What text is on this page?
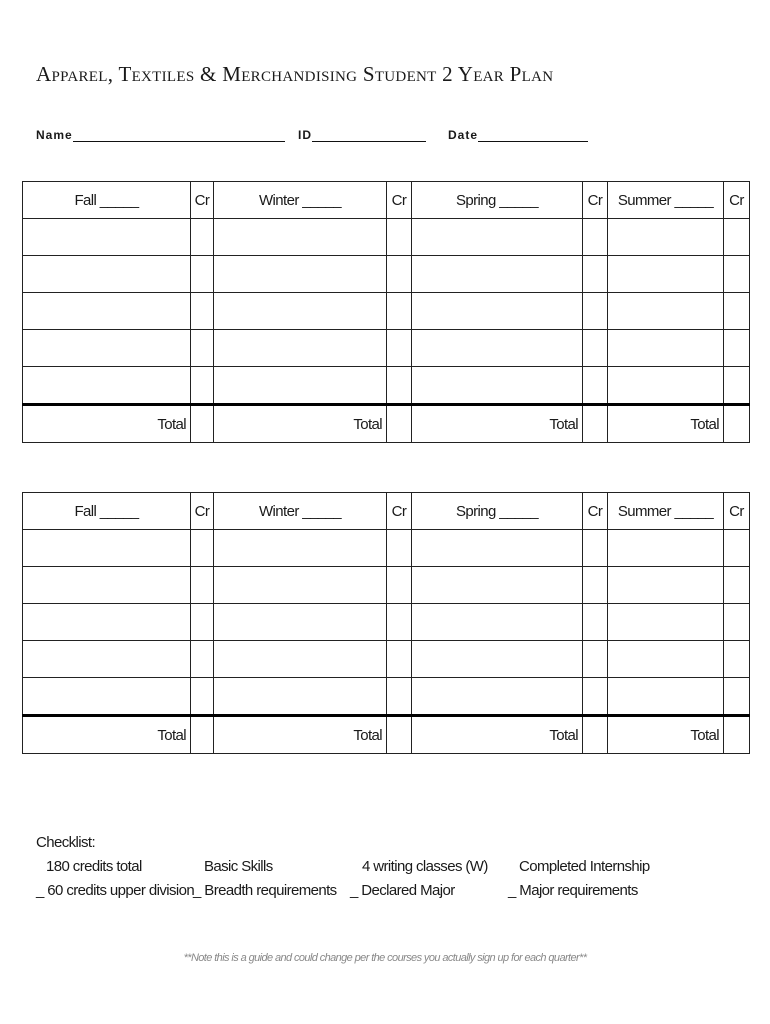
Apparel, Textiles & Merchandising Student 2 Year Plan
Name	ID	Date
Fall _____	Cr	Winter _____	Cr	Spring _____	Cr	Summer _____	Cr

Total		Total		Total		Total	
Fall _____	Cr	Winter _____	Cr	Spring _____	Cr	Summer _____	Cr

Total		Total		Total		Total	
Checklist:
180 credits total	Basic Skills	4 writing classes (W) Completed Internship
_ 60 credits upper division
_ Breadth requirements _ Declared Major	_ Major requirements
**Note this is a guide and could change per the courses you actually sign up for each quarter**
